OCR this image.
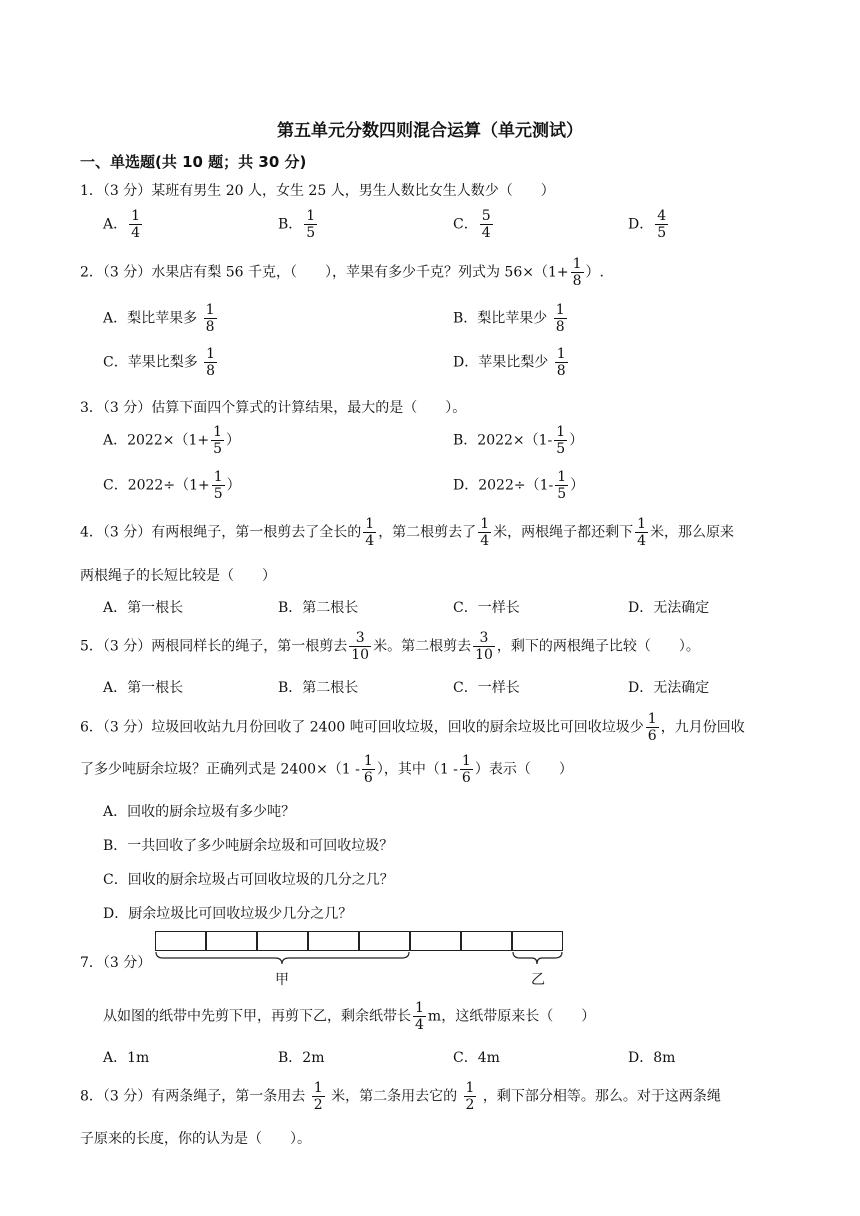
第五单元分数四则混合运算（单元测试）
一、单选题(共 10 题；共 30 分)
1．（3 分）某班有男生 20 人，女生 25 人，男生人数比女生人数少（　　）
A． $\frac{1}{4}$	B． $\frac{1}{5}$	C． $\frac{5}{4}$	D． $\frac{4}{5}$
2．（3 分）水果店有梨 56 千克，（　　），苹果有多少千克？列式为 $56\times(1+ \frac{1}{8}$ ）.
A．梨比苹果多 $\frac{1}{8}$	B．梨比苹果少 $\frac{1}{8}$
C．苹果比梨多 $\frac{1}{8}$	D．苹果比梨少 $\frac{1}{8}$
3．（3 分）估算下面四个算式的计算结果，最大的是（　　）。
A．$2022\times(1+ \frac{1}{5}$ ）	B．$2022\times(1- \frac{1}{5}$ ）
C．$2022\div(1+ \frac{1}{5}$ ）	D．$2022\div(1- \frac{1}{5}$ ）
4．（3 分）有两根绳子，第一根剪去了全长的 $\frac{1}{4}$ ，第二根剪去了 $\frac{1}{4}$ 米，两根绳子都还剩下 $\frac{1}{4}$ 米，那么原来
两根绳子的长短比较是（　　）
A．第一根长	B．第二根长	C．一样长	D．无法确定
5．（3 分）两根同样长的绳子，第一根剪去 $\frac{3}{10}$ 米。第二根剪去 $\frac{3}{10}$ ，剩下的两根绳子比较（　　）。
A．第一根长	B．第二根长	C．一样长	D．无法确定
6．（3 分）垃圾回收站九月份回收了 2400 吨可回收垃圾，回收的厨余垃圾比可回收垃圾少 $\frac{1}{6}$ ，九月份回收
了多少吨厨余垃圾？正确列式是 $2400\times(1 - \frac{1}{6}$ ），其中（$1 - \frac{1}{6}$ ）表示（　　）
A．回收的厨余垃圾有多少吨？
B．一共回收了多少吨厨余垃圾和可回收垃圾？
C．回收的厨余垃圾占可回收垃圾的几分之几？
D．厨余垃圾比可回收垃圾少几分之几？
7．（3 分）
甲	乙
从如图的纸带中先剪下甲，再剪下乙，剩余纸带长 $\frac{1}{4}$ m，这纸带原来长（　　）
A．1m	B．2m	C．4m	D．8m
8．（3 分）有两条绳子，第一条用去 $\frac{1}{2}$ 米，第二条用去它的 $\frac{1}{2}$ ，剩下部分相等。那么。对于这两条绳
子原来的长度，你的认为是（　　）。
